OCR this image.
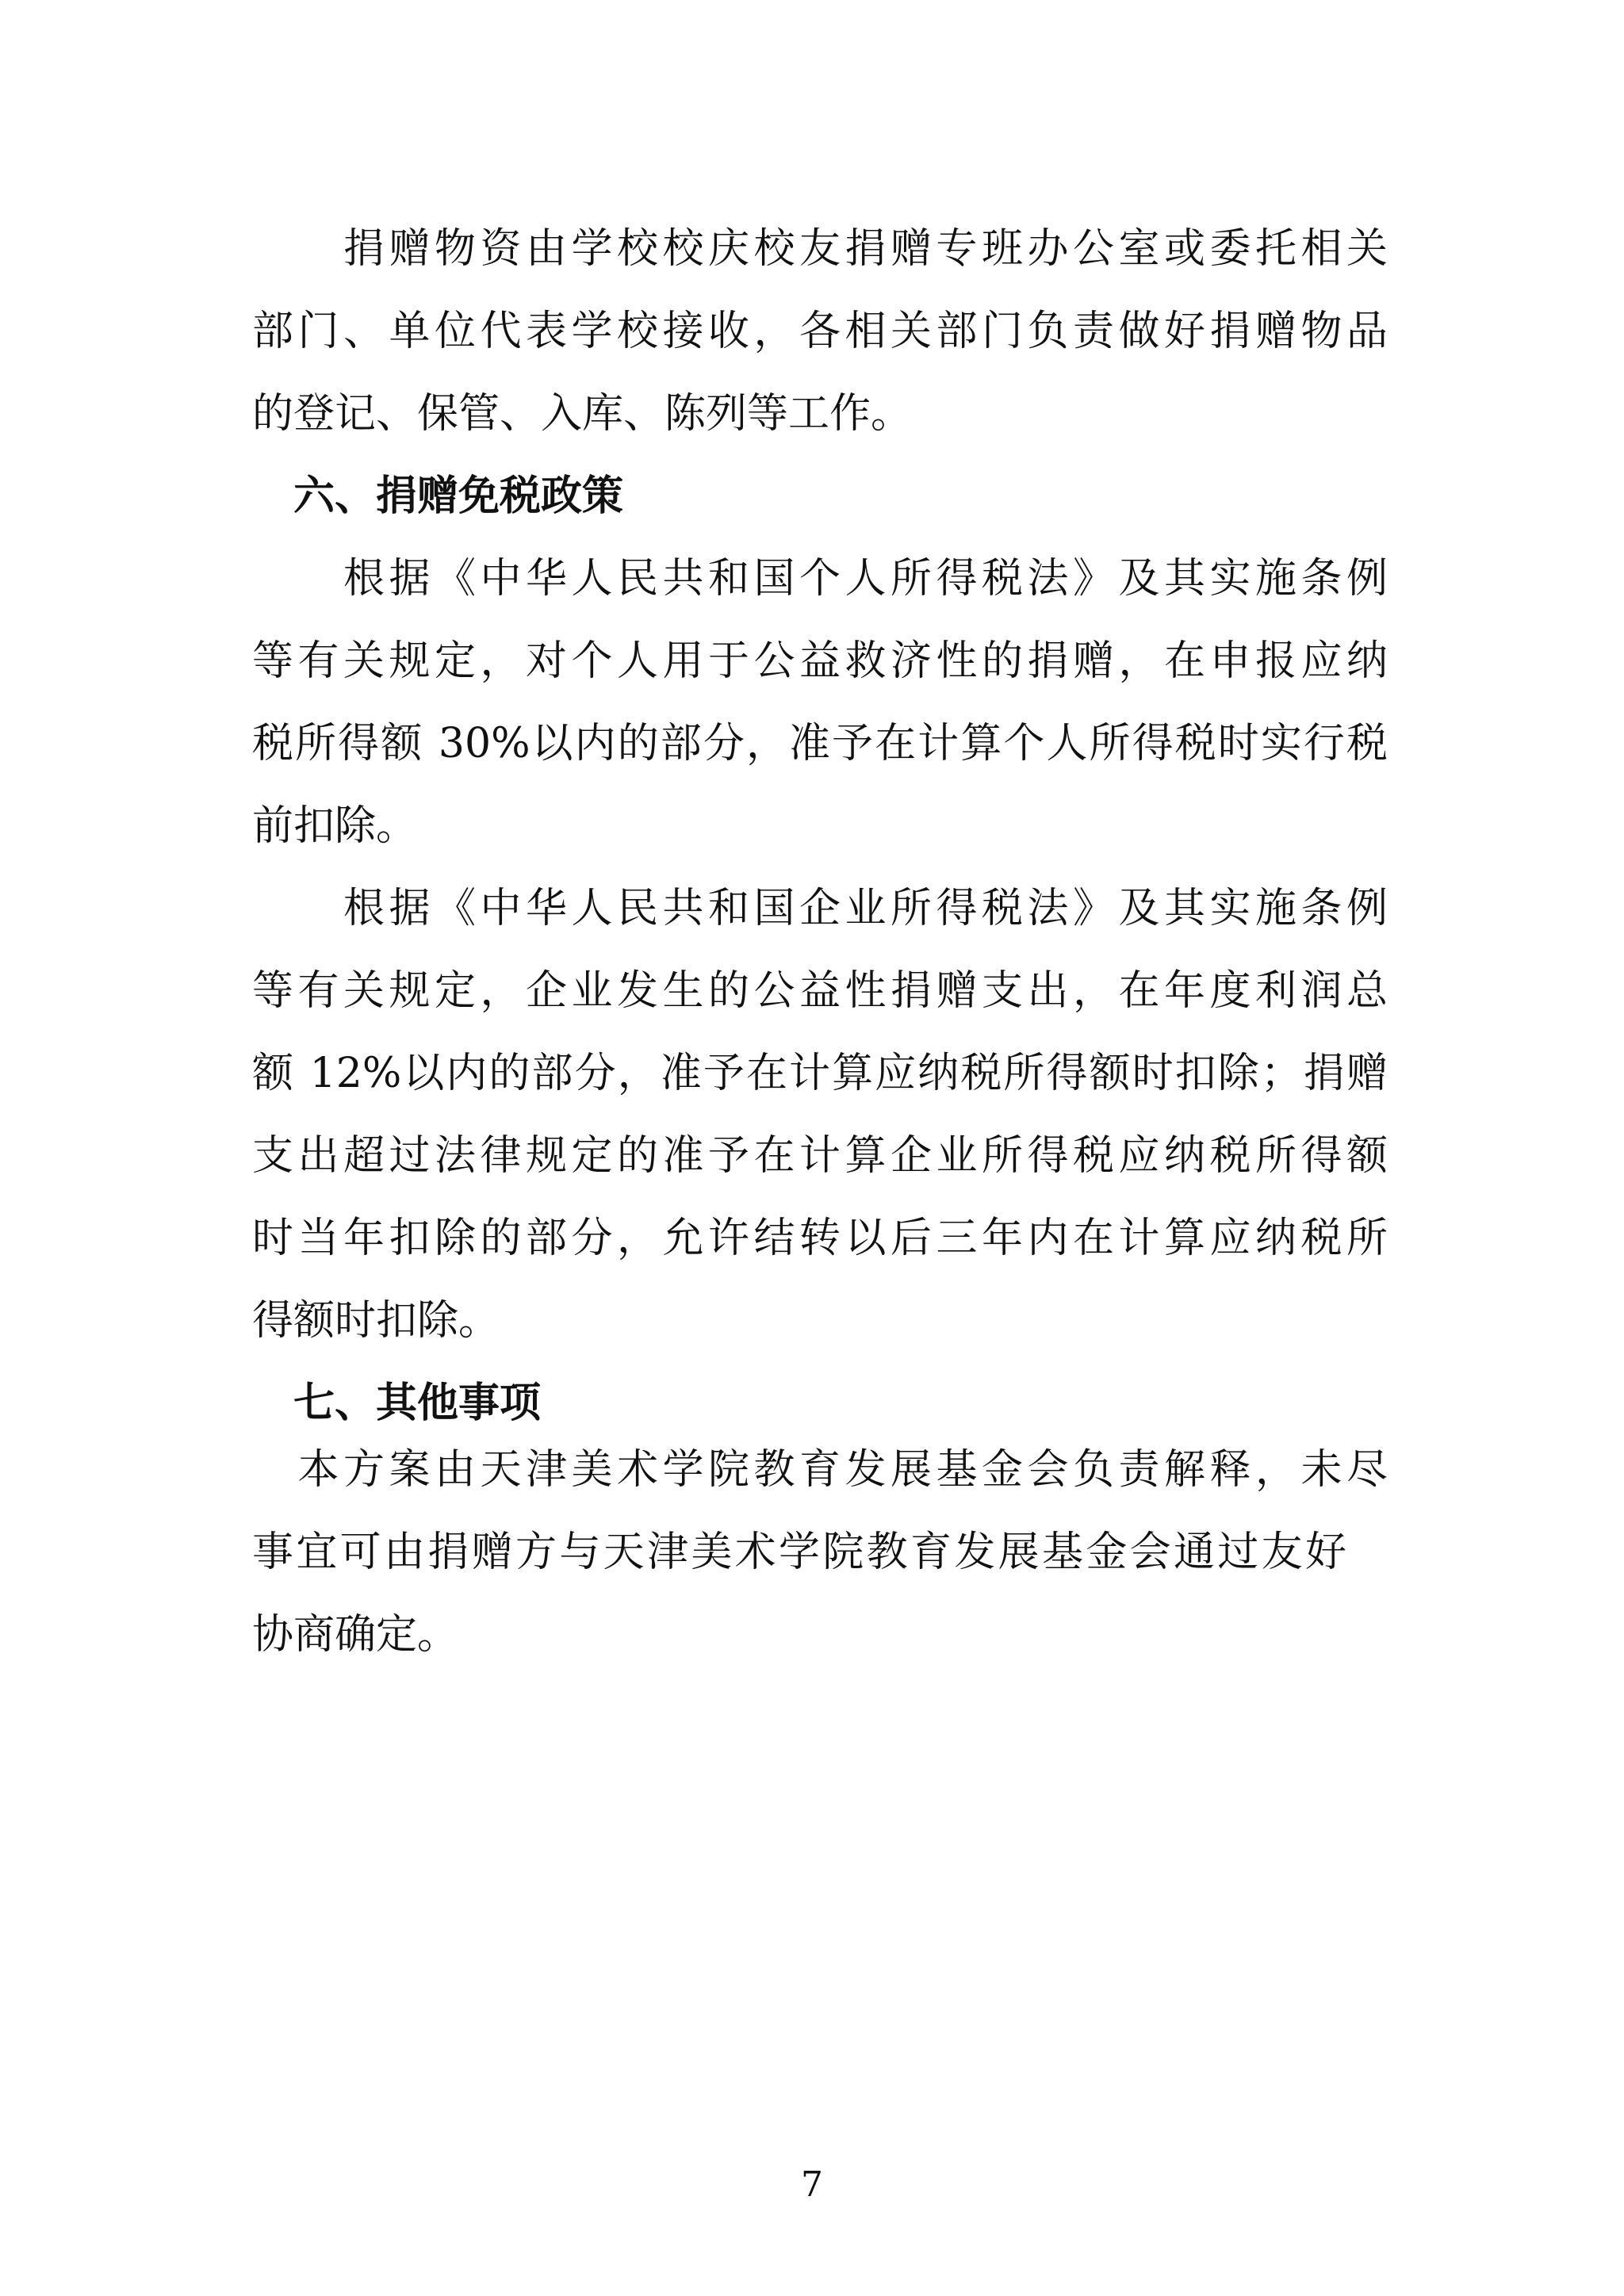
　　捐赠物资由学校校庆校友捐赠专班办公室或委托相关

部门、单位代表学校接收，各相关部门负责做好捐赠物品

的登记、保管、入库、陈列等工作。

　六、捐赠免税政策

　　根据《中华人民共和国个人所得税法》及其实施条例

等有关规定，对个人用于公益救济性的捐赠，在申报应纳

税所得额 30%以内的部分，准予在计算个人所得税时实行税

前扣除。

　　根据《中华人民共和国企业所得税法》及其实施条例

等有关规定，企业发生的公益性捐赠支出，在年度利润总

额 12%以内的部分，准予在计算应纳税所得额时扣除；捐赠

支出超过法律规定的准予在计算企业所得税应纳税所得额

时当年扣除的部分，允许结转以后三年内在计算应纳税所

得额时扣除。

　七、其他事项

　本方案由天津美术学院教育发展基金会负责解释，未尽

事宜可由捐赠方与天津美术学院教育发展基金会通过友好

协商确定。

7
